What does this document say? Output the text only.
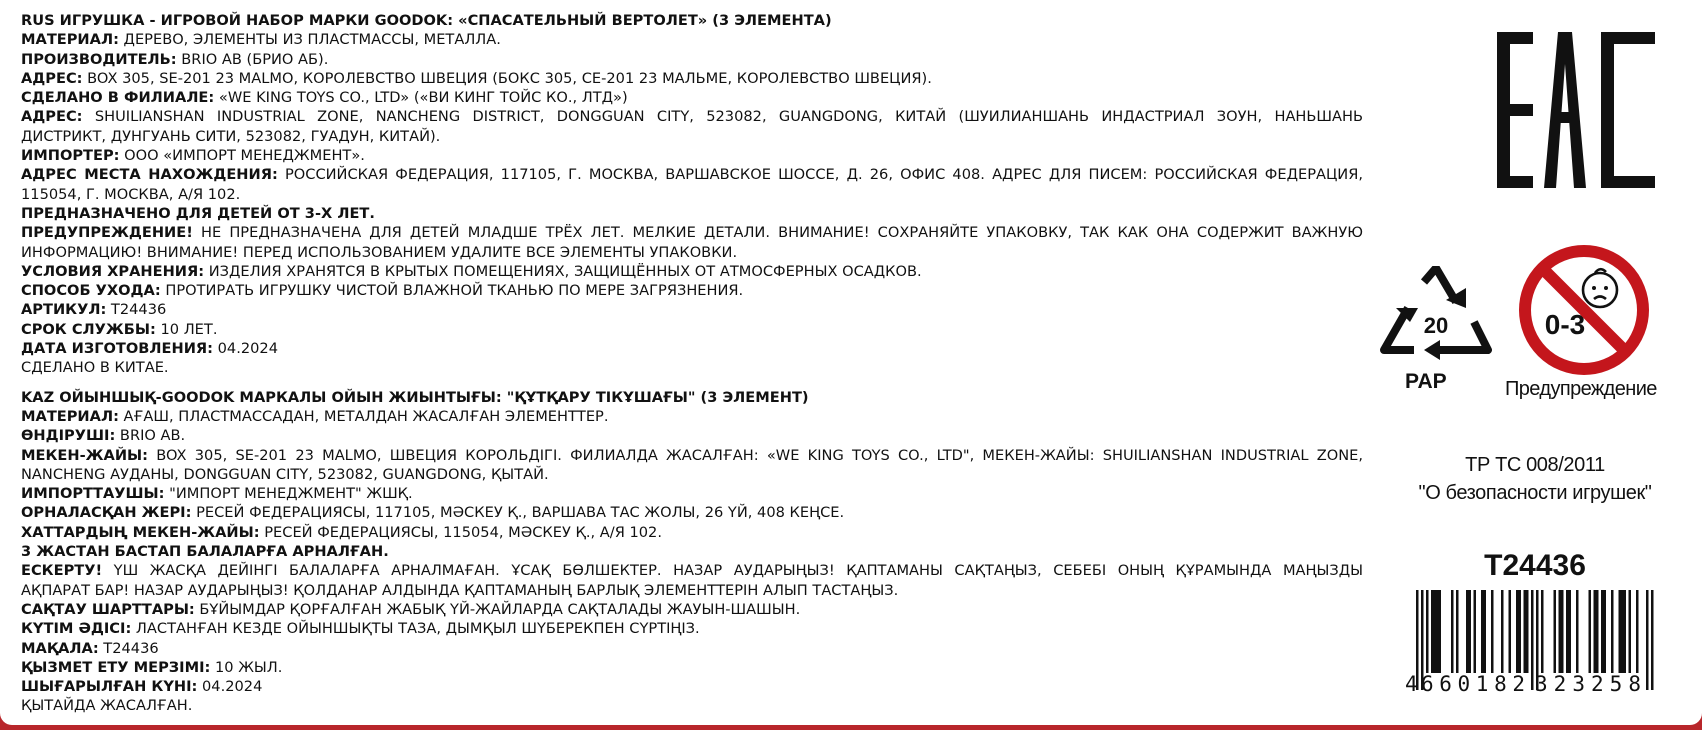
RUS ИГРУШКА - ИГРОВОЙ НАБОР МАРКИ GOODOK: «СПАСАТЕЛЬНЫЙ ВЕРТОЛЕТ» (3 ЭЛЕМЕНТА)
МАТЕРИАЛ: ДЕРЕВО, ЭЛЕМЕНТЫ ИЗ ПЛАСТМАССЫ, МЕТАЛЛА.
ПРОИЗВОДИТЕЛЬ: BRIO AB (БРИО АБ).
АДРЕС: BOX 305, SE-201 23 MALMO, КОРОЛЕВСТВО ШВЕЦИЯ (БОКС 305, СЕ-201 23 МАЛЬМЕ, КОРОЛЕВСТВО ШВЕЦИЯ).
СДЕЛАНО В ФИЛИАЛЕ: «WE KING TOYS CO., LTD» («ВИ КИНГ ТОЙС КО., ЛТД»)
АДРЕС: SHUILIANSHAN INDUSTRIAL ZONE, NANCHENG DISTRICT, DONGGUAN CITY, 523082, GUANGDONG, КИТАЙ (ШУИЛИАНШАНЬ ИНДАСТРИАЛ ЗОУН, НАНЬШАНЬ
ДИСТРИКТ, ДУНГУАНЬ СИТИ, 523082, ГУАДУН, КИТАЙ).
ИМПОРТЕР: ООО «ИМПОРТ МЕНЕДЖМЕНТ».
АДРЕС МЕСТА НАХОЖДЕНИЯ: РОССИЙСКАЯ ФЕДЕРАЦИЯ, 117105, Г. МОСКВА, ВАРШАВСКОЕ ШОССЕ, Д. 26, ОФИС 408. АДРЕС ДЛЯ ПИСЕМ: РОССИЙСКАЯ ФЕДЕРАЦИЯ,
115054, Г. МОСКВА, А/Я 102.
ПРЕДНАЗНАЧЕНО ДЛЯ ДЕТЕЙ ОТ 3-Х ЛЕТ.
ПРЕДУПРЕЖДЕНИЕ! НЕ ПРЕДНАЗНАЧЕНА ДЛЯ ДЕТЕЙ МЛАДШЕ ТРЁХ ЛЕТ. МЕЛКИЕ ДЕТАЛИ. ВНИМАНИЕ! СОХРАНЯЙТЕ УПАКОВКУ, ТАК КАК ОНА СОДЕРЖИТ ВАЖНУЮ
ИНФОРМАЦИЮ! ВНИМАНИЕ! ПЕРЕД ИСПОЛЬЗОВАНИЕМ УДАЛИТЕ ВСЕ ЭЛЕМЕНТЫ УПАКОВКИ.
УСЛОВИЯ ХРАНЕНИЯ: ИЗДЕЛИЯ ХРАНЯТСЯ В КРЫТЫХ ПОМЕЩЕНИЯХ, ЗАЩИЩЁННЫХ ОТ АТМОСФЕРНЫХ ОСАДКОВ.
СПОСОБ УХОДА: ПРОТИРАТЬ ИГРУШКУ ЧИСТОЙ ВЛАЖНОЙ ТКАНЬЮ ПО МЕРЕ ЗАГРЯЗНЕНИЯ.
АРТИКУЛ: T24436
СРОК СЛУЖБЫ: 10 ЛЕТ.
ДАТА ИЗГОТОВЛЕНИЯ: 04.2024
СДЕЛАНО В КИТАЕ.
KAZ ОЙЫНШЫҚ-GOODOK МАРКАЛЫ ОЙЫН ЖИЫНТЫҒЫ: "ҚҰТҚАРУ ТІКҰШАҒЫ" (3 ЭЛЕМЕНТ)
МАТЕРИАЛ: АҒАШ, ПЛАСТМАССАДАН, МЕТАЛДАН ЖАСАЛҒАН ЭЛЕМЕНТТЕР.
ӨНДІРУШІ: BRIO AB.
МЕКЕН-ЖАЙЫ: BOX 305, SE-201 23 MALMO, ШВЕЦИЯ КОРОЛЬДІГІ. ФИЛИАЛДА ЖАСАЛҒАН: «WE KING TOYS CO., LTD", МЕКЕН-ЖАЙЫ: SHUILIANSHAN INDUSTRIAL ZONE,
NANCHENG АУДАНЫ, DONGGUAN CITY, 523082, GUANGDONG, ҚЫТАЙ.
ИМПОРТТАУШЫ: "ИМПОРТ МЕНЕДЖМЕНТ" ЖШҚ.
ОРНАЛАСҚАН ЖЕРІ: РЕСЕЙ ФЕДЕРАЦИЯСЫ, 117105, МӘСКЕУ Қ., ВАРШАВА ТАС ЖОЛЫ, 26 ҮЙ, 408 КЕҢСЕ.
ХАТТАРДЫҢ МЕКЕН-ЖАЙЫ: РЕСЕЙ ФЕДЕРАЦИЯСЫ, 115054, МӘСКЕУ Қ., А/Я 102.
3 ЖАСТАН БАСТАП БАЛАЛАРҒА АРНАЛҒАН.
ЕСКЕРТУ! ҮШ ЖАСҚА ДЕЙІНГІ БАЛАЛАРҒА АРНАЛМАҒАН. ҰСАҚ БӨЛШЕКТЕР. НАЗАР АУДАРЫҢЫЗ! ҚАПТАМАНЫ САҚТАҢЫЗ, СЕБЕБІ ОНЫҢ ҚҰРАМЫНДА МАҢЫЗДЫ
АҚПАРАТ БАР! НАЗАР АУДАРЫҢЫЗ! ҚОЛДАНАР АЛДЫНДА ҚАПТАМАНЫҢ БАРЛЫҚ ЭЛЕМЕНТТЕРІН АЛЫП ТАСТАҢЫЗ.
САҚТАУ ШАРТТАРЫ: БҰЙЫМДАР ҚОРҒАЛҒАН ЖАБЫҚ ҮЙ-ЖАЙЛАРДА САҚТАЛАДЫ ЖАУЫН-ШАШЫН.
КҮТІМ ӘДІСІ: ЛАСТАНҒАН КЕЗДЕ ОЙЫНШЫҚТЫ ТАЗА, ДЫМҚЫЛ ШҮБЕРЕКПЕН СҮРТІҢІЗ.
МАҚАЛА: T24436
ҚЫЗМЕТ ЕТУ МЕРЗІМІ: 10 ЖЫЛ.
ШЫҒАРЫЛҒАН КҮНІ: 04.2024
ҚЫТАЙДА ЖАСАЛҒАН.
20
PAP
0-3
Предупреждение
ТР ТС 008/2011
"О безопасности игрушек"
T24436
4 660182 323258
